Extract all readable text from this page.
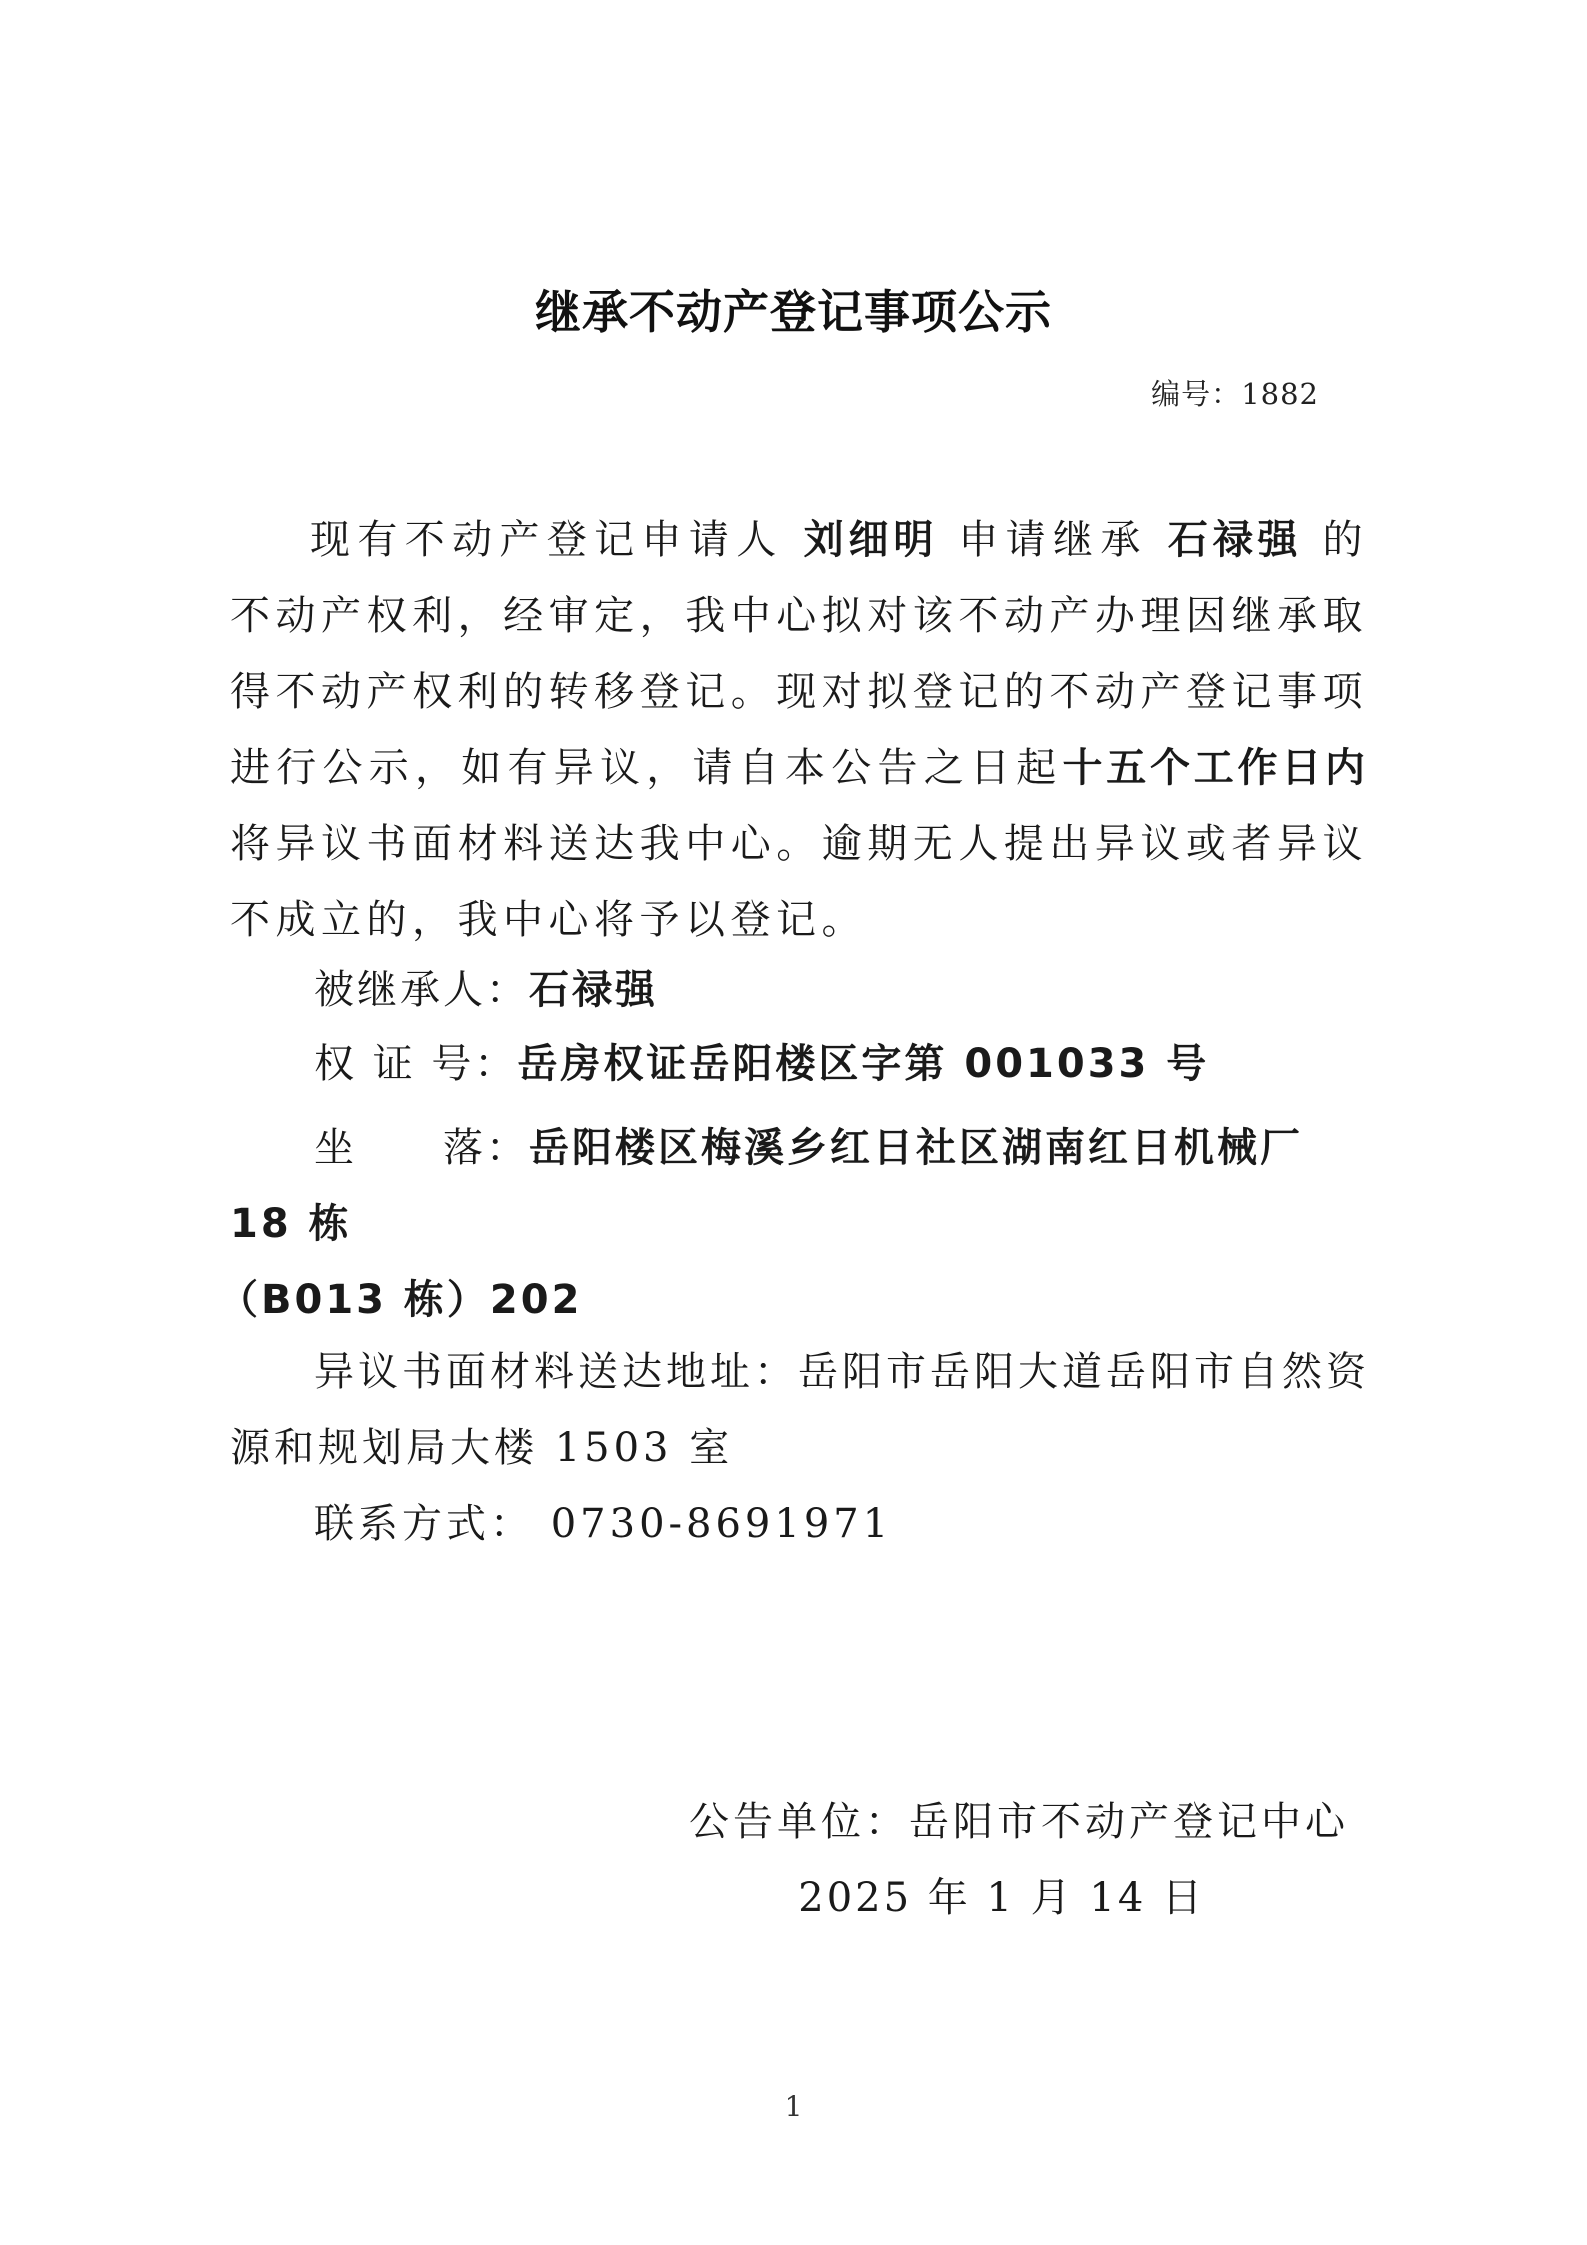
继承不动产登记事项公示
编号：1882

现有不动产登记申请人 刘细明 申请继承 石禄强 的不动产权利，经审定，我中心拟对该不动产办理因继承取得不动产权利的转移登记。现对拟登记的不动产登记事项进行公示，如有异议，请自本公告之日起十五个工作日内将异议书面材料送达我中心。逾期无人提出异议或者异议不成立的，我中心将予以登记。

被继承人：石禄强
权 证 号：岳房权证岳阳楼区字第 001033 号
坐　　落：岳阳楼区梅溪乡红日社区湖南红日机械厂 18 栋
（B013 栋）202
异议书面材料送达地址：岳阳市岳阳大道岳阳市自然资源和规划局大楼 1503 室
联系方式： 0730-8691971
公告单位：岳阳市不动产登记中心
2025 年 1 月 14 日
1
